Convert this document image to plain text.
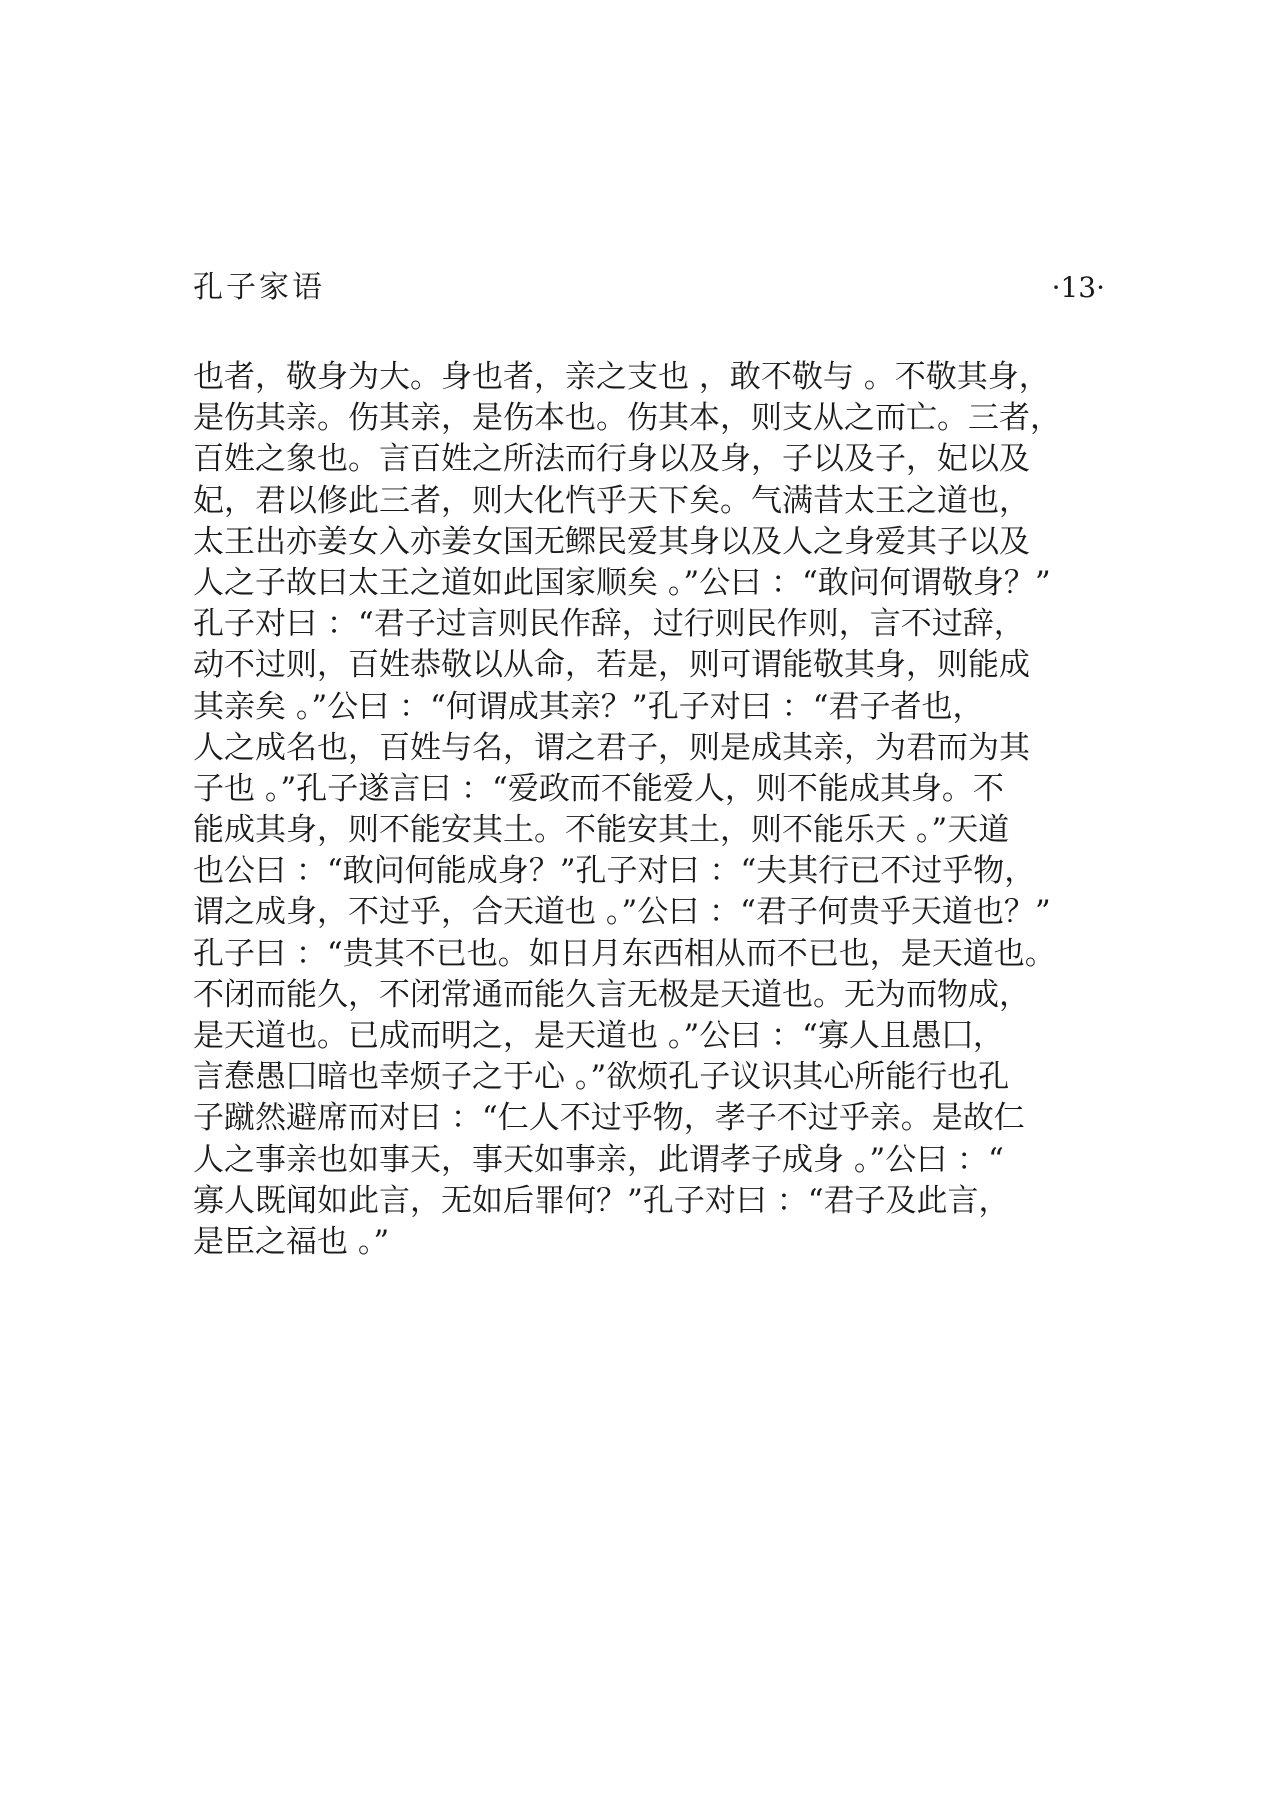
孔子家语	·13·
也者，敬身为大。身也者，亲之支也 ，敢不敬与 。不敬其身，
是伤其亲。伤其亲，是伤本也。伤其本，则支从之而亡。三者，
百姓之象也。言百姓之所法而行身以及身，子以及子，妃以及
妃，君以修此三者，则大化忾乎天下矣。气满昔太王之道也，
太王出亦姜女入亦姜女国无鳏民爱其身以及人之身爱其子以及
人之子故曰太王之道如此国家顺矣 。”公曰 ：“敢问何谓敬身？”
孔子对曰 ：“君子过言则民作辞，过行则民作则，言不过辞，
动不过则，百姓恭敬以从命，若是，则可谓能敬其身，则能成
其亲矣 。”公曰 ：“何谓成其亲？”孔子对曰 ：“君子者也，
人之成名也，百姓与名，谓之君子，则是成其亲，为君而为其
子也 。”孔子遂言曰 ：“爱政而不能爱人，则不能成其身。不
能成其身，则不能安其土。不能安其土，则不能乐天 。”天道
也公曰 ：“敢问何能成身？”孔子对曰 ：“夫其行已不过乎物，
谓之成身，不过乎，合天道也 。”公曰 ：“君子何贵乎天道也？”
孔子曰 ：“贵其不已也。如日月东西相从而不已也，是天道也。
不闭而能久，不闭常通而能久言无极是天道也。无为而物成，
是天道也。已成而明之，是天道也 。”公曰 ：“寡人且愚囗，
言惷愚囗暗也幸烦子之于心 。”欲烦孔子议识其心所能行也孔
子蹴然避席而对曰 ：“仁人不过乎物，孝子不过乎亲。是故仁
人之事亲也如事天，事天如事亲，此谓孝子成身 。”公曰 ：“
寡人既闻如此言，无如后罪何？”孔子对曰 ：“君子及此言，
是臣之福也 。”
